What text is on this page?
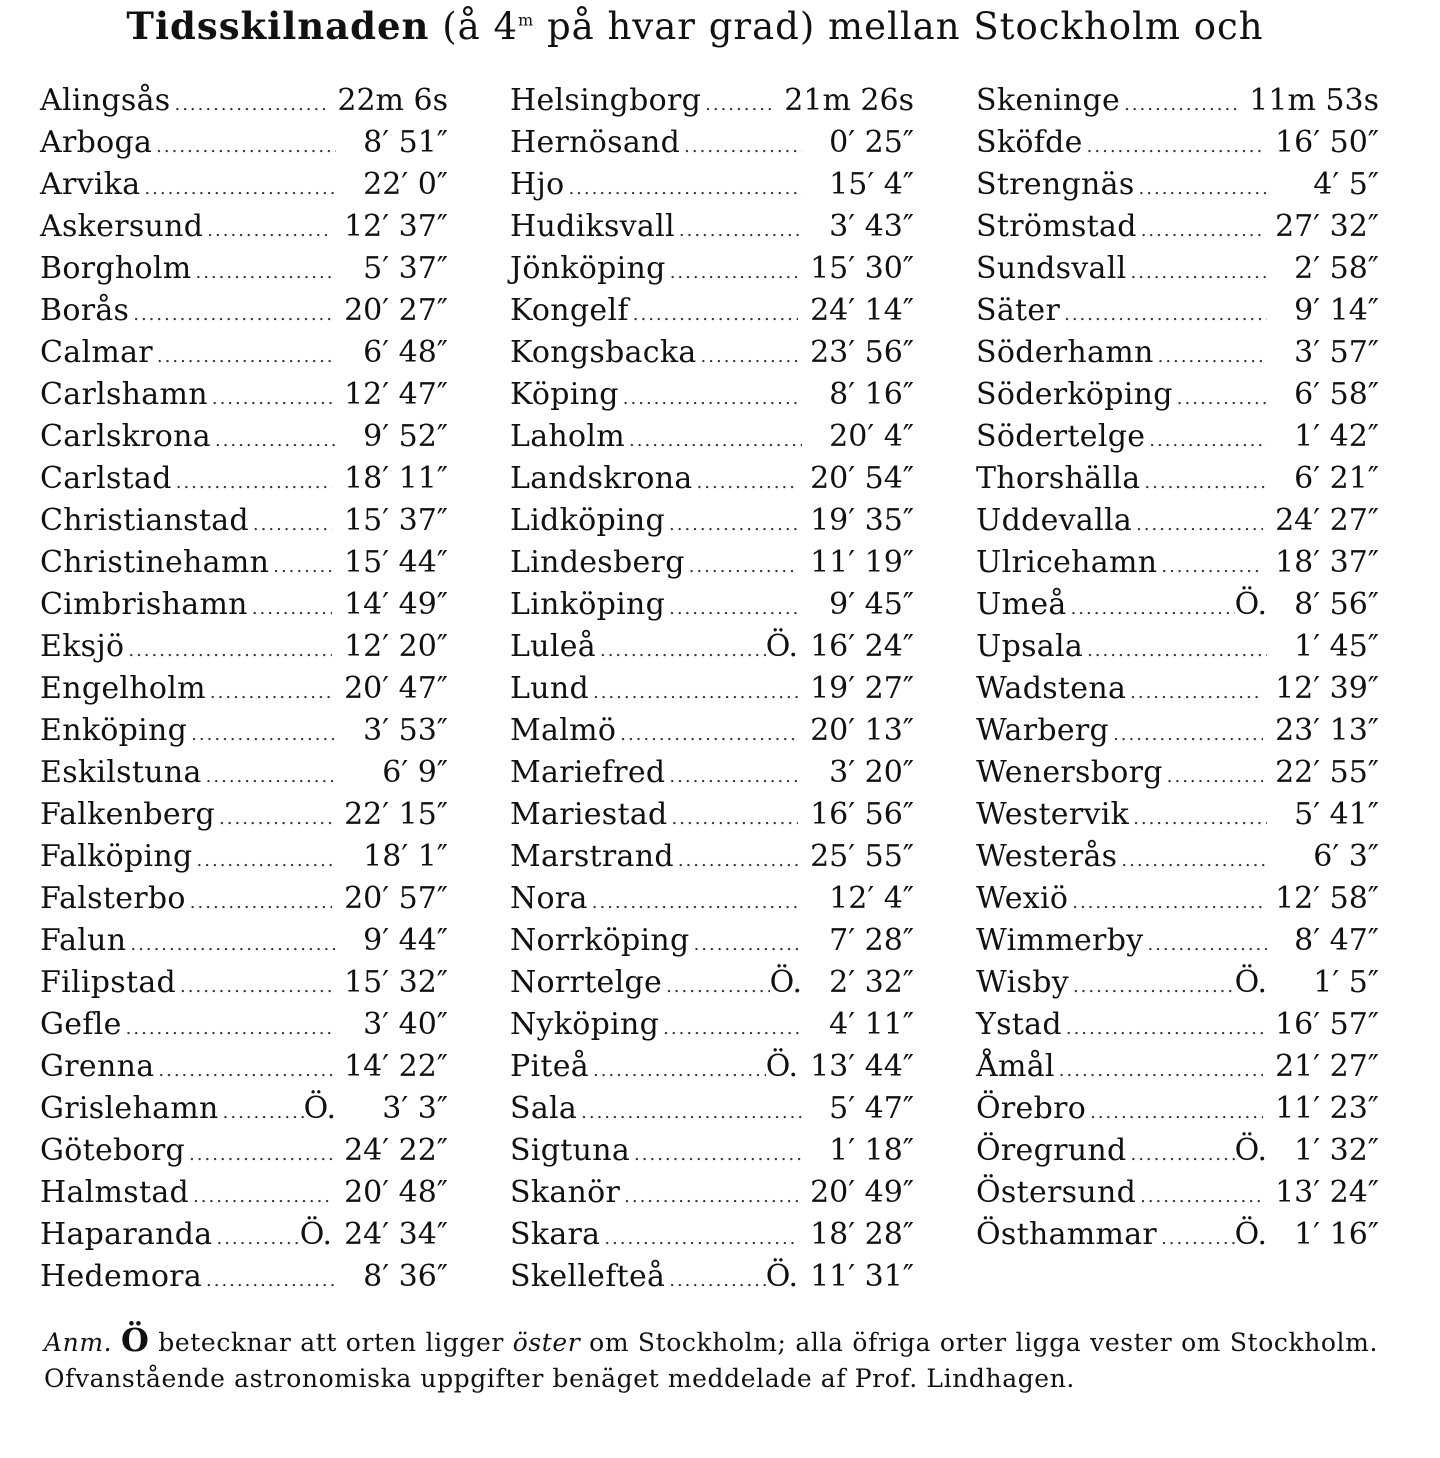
Tidsskilnaden (å 4$^m$ på hvar grad) mellan Stockholm och
Alingsås .....	22m 6s
Arboga .....	8′ 51″
Arvika .....	22′ 0″
Askersund .....	12′ 37″
Borgholm .....	5′ 37″
Borås .....	20′ 27″
Calmar .....	6′ 48″
Carlshamn .....	12′ 47″
Carlskrona .....	9′ 52″
Carlstad .....	18′ 11″
Christianstad .....	15′ 37″
Christinehamn ..... 15′ 44″
Cimbrishamn .....	14′ 49″
Eksjö .....	12′ 20″
Engelholm .....	20′ 47″
Enköping .....	3′ 53″
Eskilstuna .....	6′ 9″
Falkenberg .....	22′ 15″
Falköping .....	18′ 1″
Falsterbo .....	20′ 57″
Falun .....	9′ 44″
Filipstad .....	15′ 32″
Gefle .....	3′ 40″
Grenna .....	14′ 22″
Grislehamn .....	Ö.	3′ 3″
Göteborg .....	24′ 22″
Halmstad .....	20′ 48″
Haparanda .....	Ö. 24′ 34″
Hedemora .....	8′ 36″
Helsingborg .....	21m 26s
Hernösand .....	0′ 25″
Hjo .....	15′ 4″
Hudiksvall .....	3′ 43″
Jönköping .....	15′ 30″
Kongelf .....	24′ 14″
Kongsbacka .....	23′ 56″
Köping .....	8′ 16″
Laholm .....	20′ 4″
Landskrona .....	20′ 54″
Lidköping .....	19′ 35″
Lindesberg .....	11′ 19″
Linköping .....	9′ 45″
Luleå .....	Ö. 16′ 24″
Lund .....	19′ 27″
Malmö .....	20′ 13″
Mariefred .....	3′ 20″
Mariestad .....	16′ 56″
Marstrand .....	25′ 55″
Nora .....	12′ 4″
Norrköping .....	7′ 28″
Norrtelge .....	Ö. 2′ 32″
Nyköping .....	4′ 11″
Piteå .....	Ö. 13′ 44″
Sala .....	5′ 47″
Sigtuna .....	1′ 18″
Skanör .....	20′ 49″
Skara .....	18′ 28″
Skellefteå .....	Ö. 11′ 31″
Skeninge .....	11m 53s
Sköfde .....	16′ 50″
Strengnäs .....	4′ 5″
Strömstad .....	27′ 32″
Sundsvall .....	2′ 58″
Säter .....	9′ 14″
Söderhamn .....	3′ 57″
Söderköping .....	6′ 58″
Södertelge .....	1′ 42″
Thorshälla .....	6′ 21″
Uddevalla .....	24′ 27″
Ulricehamn .....	18′ 37″
Umeå .....	Ö. 8′ 56″
Upsala .....	1′ 45″
Wadstena .....	12′ 39″
Warberg .....	23′ 13″
Wenersborg .....	22′ 55″
Westervik .....	5′ 41″
Westerås .....	6′ 3″
Wexiö .....	12′ 58″
Wimmerby .....	8′ 47″
Wisby .....	Ö.	1′ 5″
Ystad .....	16′ 57″
Åmål .....	21′ 27″
Örebro .....	11′ 23″
Öregrund .....	Ö. 1′ 32″
Östersund .....	13′ 24″
Östhammar .....	Ö. 1′ 16″
Anm. Ö betecknar att orten ligger öster om Stockholm; alla öfriga orter ligga vester om Stockholm. Ofvanstående astronomiska uppgifter benäget meddelade af Prof. Lindhagen.
